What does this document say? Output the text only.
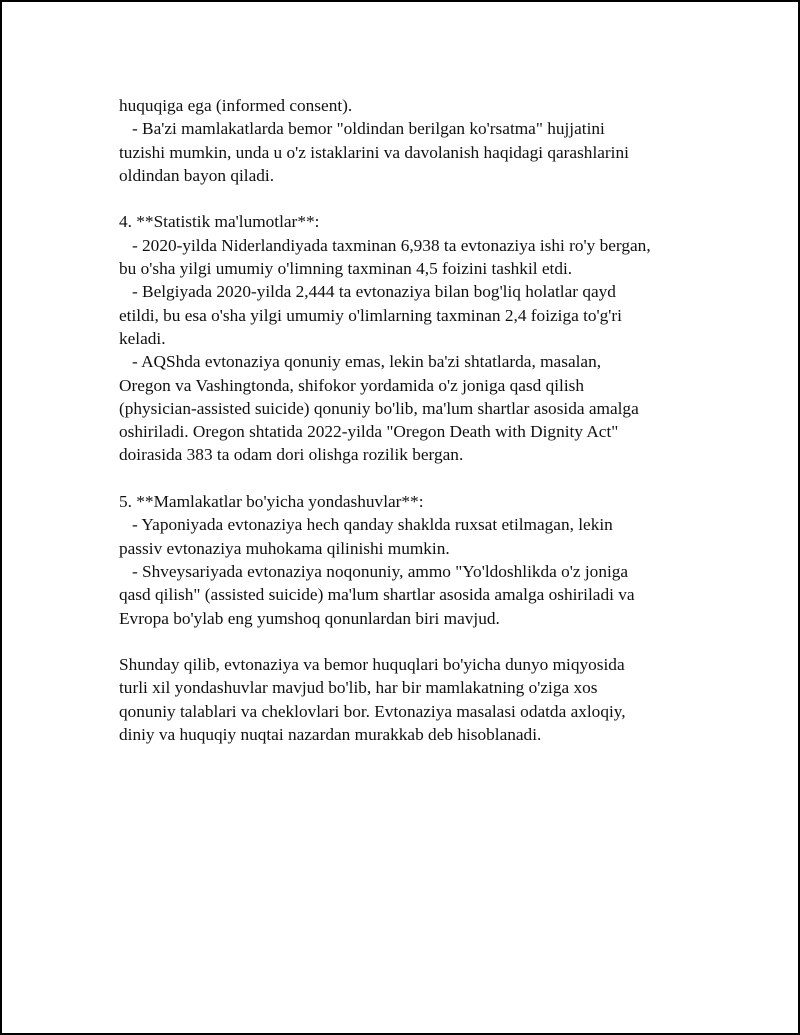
huquqiga ega (informed consent).
- Ba'zi mamlakatlarda bemor "oldindan berilgan ko'rsatma" hujjatini
tuzishi mumkin, unda u o'z istaklarini va davolanish haqidagi qarashlarini
oldindan bayon qiladi.
4. **Statistik ma'lumotlar**:
- 2020-yilda Niderlandiyada taxminan 6,938 ta evtonaziya ishi ro'y bergan,
bu o'sha yilgi umumiy o'limning taxminan 4,5 foizini tashkil etdi.
- Belgiyada 2020-yilda 2,444 ta evtonaziya bilan bog'liq holatlar qayd
etildi, bu esa o'sha yilgi umumiy o'limlarning taxminan 2,4 foiziga to'g'ri
keladi.
- AQShda evtonaziya qonuniy emas, lekin ba'zi shtatlarda, masalan,
Oregon va Vashingtonda, shifokor yordamida o'z joniga qasd qilish
(physician-assisted suicide) qonuniy bo'lib, ma'lum shartlar asosida amalga
oshiriladi. Oregon shtatida 2022-yilda "Oregon Death with Dignity Act"
doirasida 383 ta odam dori olishga rozilik bergan.
5. **Mamlakatlar bo'yicha yondashuvlar**:
- Yaponiyada evtonaziya hech qanday shaklda ruxsat etilmagan, lekin
passiv evtonaziya muhokama qilinishi mumkin.
- Shveysariyada evtonaziya noqonuniy, ammo "Yo'ldoshlikda o'z joniga
qasd qilish" (assisted suicide) ma'lum shartlar asosida amalga oshiriladi va
Evropa bo'ylab eng yumshoq qonunlardan biri mavjud.
Shunday qilib, evtonaziya va bemor huquqlari bo'yicha dunyo miqyosida
turli xil yondashuvlar mavjud bo'lib, har bir mamlakatning o'ziga xos
qonuniy talablari va cheklovlari bor. Evtonaziya masalasi odatda axloqiy,
diniy va huquqiy nuqtai nazardan murakkab deb hisoblanadi.
